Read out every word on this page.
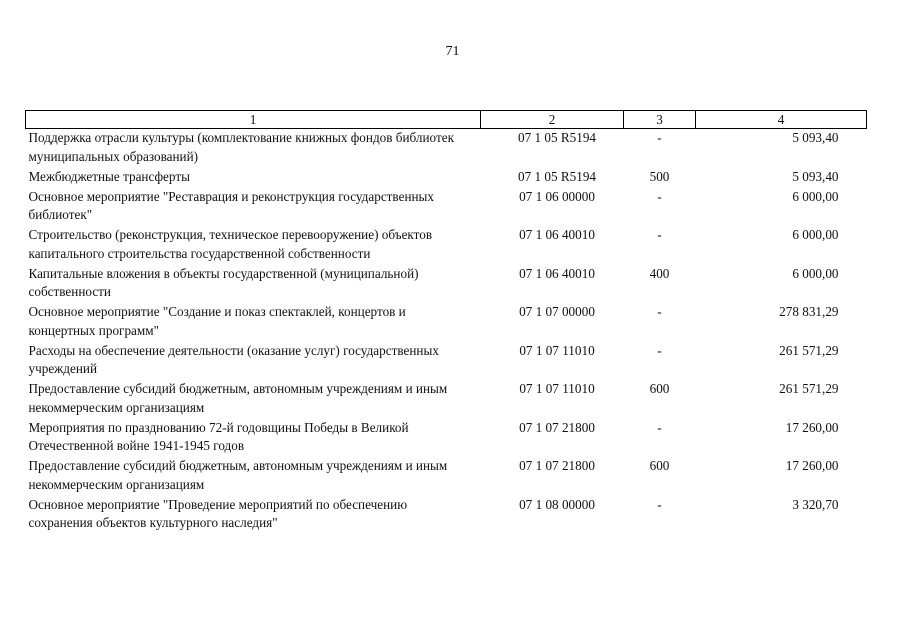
71
1	2	3	4
Поддержка отрасли культуры (комплектование книжных фондов библиотек муниципальных образований)	07 1 05 R5194	-	5 093,40
Межбюджетные трансферты	07 1 05 R5194	500	5 093,40
Основное мероприятие "Реставрация и реконструкция государственных библиотек"	07 1 06 00000	-	6 000,00
Строительство (реконструкция, техническое перевооружение) объектов капитального строительства государственной собственности	07 1 06 40010	-	6 000,00
Капитальные вложения в объекты государственной (муниципальной) собственности	07 1 06 40010	400	6 000,00
Основное мероприятие "Создание и показ спектаклей, концертов и концертных программ"	07 1 07 00000	-	278 831,29
Расходы на обеспечение деятельности (оказание услуг) государственных учреждений	07 1 07 11010	-	261 571,29
Предоставление субсидий бюджетным, автономным учреждениям и иным некоммерческим организациям	07 1 07 11010	600	261 571,29
Мероприятия по празднованию 72-й годовщины Победы в Великой Отечественной войне 1941-1945 годов	07 1 07 21800	-	17 260,00
Предоставление субсидий бюджетным, автономным учреждениям и иным некоммерческим организациям	07 1 07 21800	600	17 260,00
Основное мероприятие "Проведение мероприятий по обеспечению сохранения объектов культурного наследия"	07 1 08 00000	-	3 320,70
